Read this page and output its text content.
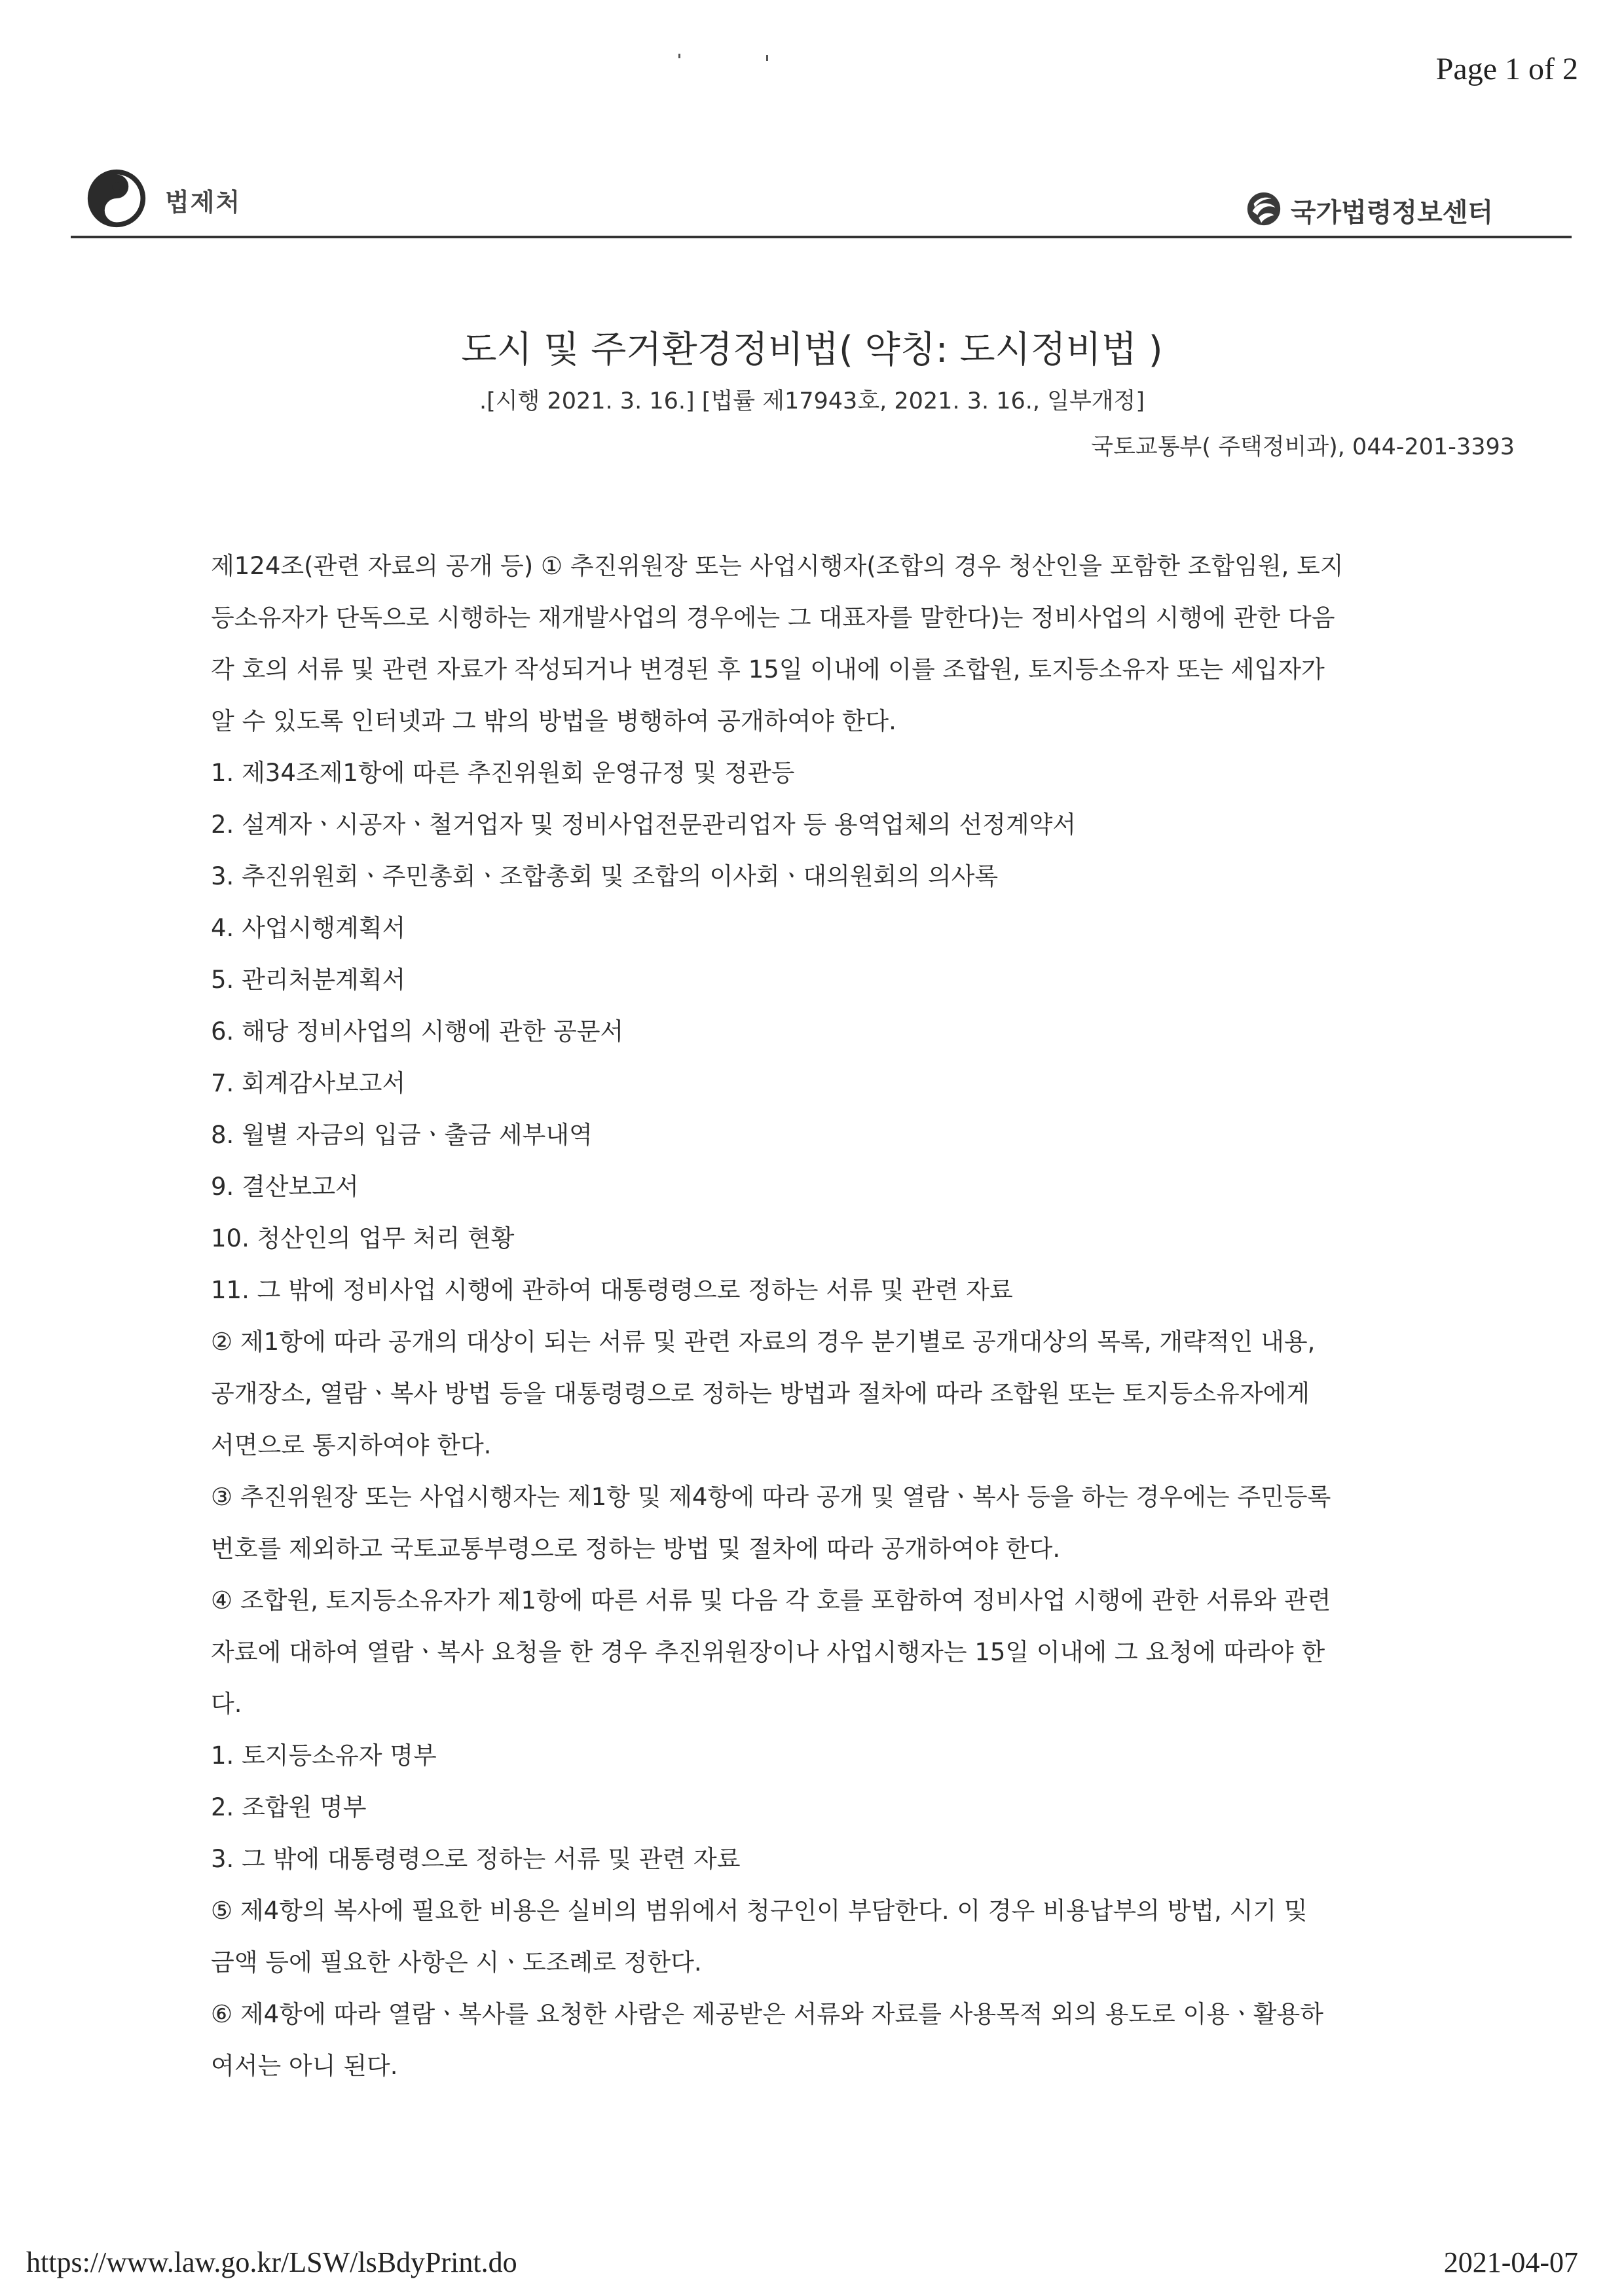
Page 1 of 2
법제처	국가법령정보센터
도시 및 주거환경정비법( 약칭: 도시정비법 )
.[시행 2021. 3. 16.] [법률 제17943호, 2021. 3. 16., 일부개정]
국토교통부( 주택정비과), 044-201-3393

제124조(관련 자료의 공개 등) ① 추진위원장 또는 사업시행자(조합의 경우 청산인을 포함한 조합임원, 토지

등소유자가 단독으로 시행하는 재개발사업의 경우에는 그 대표자를 말한다)는 정비사업의 시행에 관한 다음

각 호의 서류 및 관련 자료가 작성되거나 변경된 후 15일 이내에 이를 조합원, 토지등소유자 또는 세입자가

알 수 있도록 인터넷과 그 밖의 방법을 병행하여 공개하여야 한다.

1. 제34조제1항에 따른 추진위원회 운영규정 및 정관등

2. 설계자ㆍ시공자ㆍ철거업자 및 정비사업전문관리업자 등 용역업체의 선정계약서

3. 추진위원회ㆍ주민총회ㆍ조합총회 및 조합의 이사회ㆍ대의원회의 의사록

4. 사업시행계획서

5. 관리처분계획서

6. 해당 정비사업의 시행에 관한 공문서

7. 회계감사보고서

8. 월별 자금의 입금ㆍ출금 세부내역

9. 결산보고서

10. 청산인의 업무 처리 현황

11. 그 밖에 정비사업 시행에 관하여 대통령령으로 정하는 서류 및 관련 자료

② 제1항에 따라 공개의 대상이 되는 서류 및 관련 자료의 경우 분기별로 공개대상의 목록, 개략적인 내용,

공개장소, 열람ㆍ복사 방법 등을 대통령령으로 정하는 방법과 절차에 따라 조합원 또는 토지등소유자에게

서면으로 통지하여야 한다.

③ 추진위원장 또는 사업시행자는 제1항 및 제4항에 따라 공개 및 열람ㆍ복사 등을 하는 경우에는 주민등록

번호를 제외하고 국토교통부령으로 정하는 방법 및 절차에 따라 공개하여야 한다.

④ 조합원, 토지등소유자가 제1항에 따른 서류 및 다음 각 호를 포함하여 정비사업 시행에 관한 서류와 관련

자료에 대하여 열람ㆍ복사 요청을 한 경우 추진위원장이나 사업시행자는 15일 이내에 그 요청에 따라야 한

다.

1. 토지등소유자 명부

2. 조합원 명부

3. 그 밖에 대통령령으로 정하는 서류 및 관련 자료

⑤ 제4항의 복사에 필요한 비용은 실비의 범위에서 청구인이 부담한다. 이 경우 비용납부의 방법, 시기 및

금액 등에 필요한 사항은 시ㆍ도조례로 정한다.

⑥ 제4항에 따라 열람ㆍ복사를 요청한 사람은 제공받은 서류와 자료를 사용목적 외의 용도로 이용ㆍ활용하

여서는 아니 된다.

https://www.law.go.kr/LSW/lsBdyPrint.do	2021-04-07
